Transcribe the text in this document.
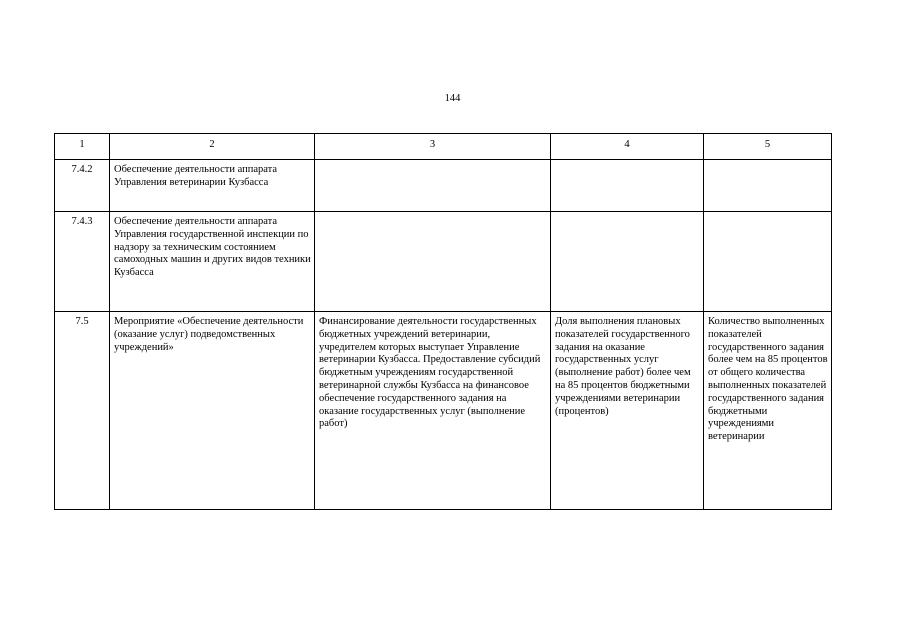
144
1	2	3	4	5
7.4.2	Обеспечение деятельности аппарата Управления ветеринарии Кузбасса			
7.4.3	Обеспечение деятельности аппарата Управления государственной инспекции по надзору за техническим состоянием самоходных машин и других видов техники Кузбасса			
7.5	Мероприятие «Обеспечение деятельности (оказание услуг) подведомственных учреждений»	Финансирование деятельности государственных бюджетных учреждений ветеринарии, учредителем которых выступает Управление ветеринарии Кузбасса. Предоставление субсидий бюджетным учреждениям государственной ветеринарной службы Кузбасса на финансовое обеспечение государственного задания на оказание государственных услуг (выполнение работ)	Доля выполнения плановых показателей государственного задания на оказание государственных услуг (выполнение работ) более чем на 85 процентов бюджетными учреждениями ветеринарии (процентов)	Количество выполненных показателей государственного задания более чем на 85 процентов от общего количества выполненных показателей государственного задания бюджетными учреждениями ветеринарии
